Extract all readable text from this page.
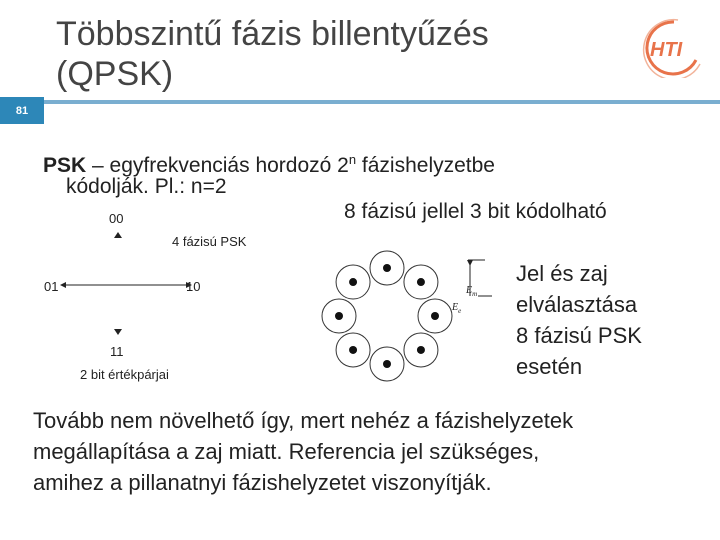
81
Többszintű fázis billentyűzés
(QPSK)
HTI
PSK – egyfrekvenciás hordozó 2$^n$ fázishelyzetbe
kódolják. Pl.: n=2
8 fázisú jellel 3 bit kódolható
00
01	10
11
4 fázisú PSK
2 bit értékpárjai
$E_m$
$E_e$
Jel és zaj
elválasztása
8 fázisú PSK
esetén
Tovább nem növelhető így, mert nehéz a fázishelyzetek
megállapítása a zaj miatt. Referencia jel szükséges,
amihez a pillanatnyi fázishelyzetet viszonyítják.
